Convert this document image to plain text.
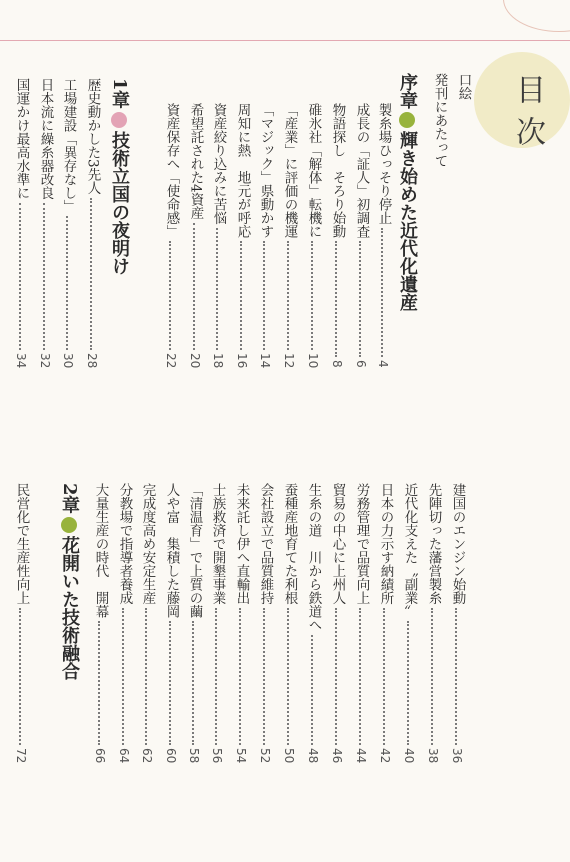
目次
口絵
発刊にあたって
序章
輝き始めた近代化遺産
製糸場ひっそり停止
4
成長の「証人」初調査
6
物語探し　そろり始動
8
碓氷社「解体」転機に
10
「産業」に評価の機運
12
「マジック」県動かす
14
周知に熱　地元が呼応
16
資産絞り込みに苦悩
18
希望託された4資産
20
資産保存へ「使命感」
22
歴史動かした3先人
28
工場建設「異存なし」
30
日本流に繰糸器改良
32
国運かけ最高水準に
34
1章
技術立国の夜明け
建国のエンジン始動
36
先陣切った藩営製糸
38
近代化支えた〝副業〟
40
日本の力示す納績所
42
労務管理で品質向上
44
貿易の中心に上州人
46
生糸の道　川から鉄道へ
48
蚕種産地育てた利根
50
会社設立で品質維持
52
未来託し伊へ直輸出
54
士族救済で開墾事業
56
「清温育」で上質の繭
58
人や富　集積した藤岡
60
完成度高め安定生産
62
分教場で指導者養成
64
大量生産の時代　開幕
66
民営化で生産性向上
72
2章
花開いた技術融合
